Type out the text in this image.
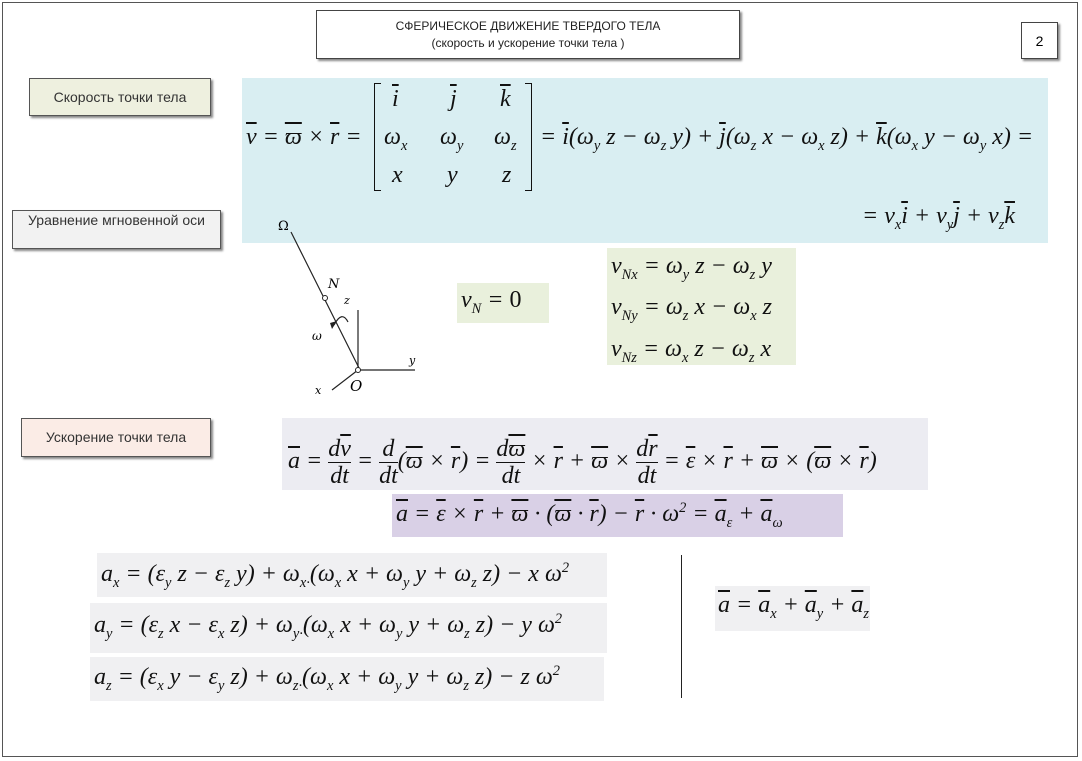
СФЕРИЧЕСКОЕ ДВИЖЕНИЕ ТВЕРДОГО ТЕЛА
(скорость и ускорение точки тела )	2
Скорость точки тела
Уравнение мгновенной оси
Ускорение точки тела
$\overline{v} = \overline{ϖ} \times \overline{r}$ =
$\overline{i}$ $\overline{j}$ $\overline{k}$
$\omega_x$ $\omega_y$ $\omega_z$
x y z
= $\overline{i}(\omega_y$ $z - \omega_z$ $y) + \overline{j}(\omega_z$ $x - \omega_x$ $z) + \overline{k}(\omega_x$ $y - \omega_y$ x) =
= $v_x\overline{i} + v_y\overline{j} + v_z\overline{k}$
Ω
N
z
y
x O
ω
$v_N = 0$
$v_{Nx} = \omega_y$ $z - \omega_z$ y
$v_{Ny} = \omega_z$ $x - \omega_x$ z
$v_{Nz} = \omega_x$ $z - \omega_z$ x
$\overline{a} = \frac{d\overline{v}}{dt} = \frac{d}{dt} (\overline{ϖ} \times \overline{r}) = \frac{d\overline{ϖ}}{dt} \times \overline{r} + \overline{ϖ} \times \frac{d\overline{r}}{dt} = \overline{\varepsilon} \times \overline{r} + \overline{ϖ} \times (\overline{ϖ} \times \overline{r})$
$\overline{a} = \overline{\varepsilon} \times \overline{r} + \overline{ϖ} \cdot (\overline{ϖ} \cdot \overline{r}) - \overline{r} \cdot \omega^2 = \overline{a}_\varepsilon + \overline{a}_\omega$
$a_x = (\varepsilon_y$ $z - \varepsilon_z$ $y) + \omega_{x\cdot}(\omega_x$ $x + \omega_y$ $y + \omega_z$ z) − x $\omega^2$
$a_y = (\varepsilon_z$ $x - \varepsilon_x$ $z) + \omega_{y\cdot}(\omega_x$ $x + \omega_y$ $y + \omega_z$ z) − y $\omega^2$
$a_z = (\varepsilon_x$ $y - \varepsilon_y$ $z) + \omega_{z\cdot}(\omega_x$ $x + \omega_y$ $y + \omega_z$ z) − z $\omega^2$
$\overline{a} = \overline{a}_x + \overline{a}_y + \overline{a}_z$
